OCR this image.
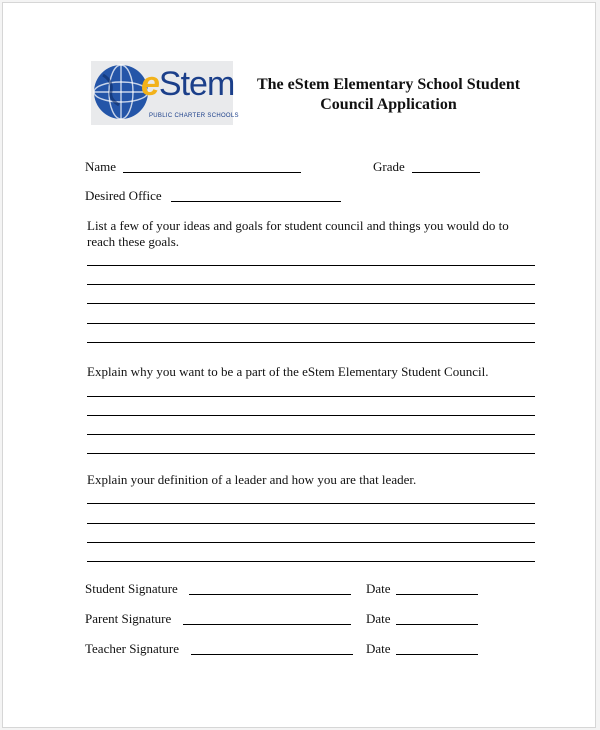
eStem
PUBLIC CHARTER SCHOOLS
The eStem Elementary School Student
Council Application
Name	Grade
Desired Office
List a few of your ideas and goals for student council and things you would do to reach these goals.
Explain why you want to be a part of the eStem Elementary Student Council.
Explain your definition of a leader and how you are that leader.
Student Signature	Date
Parent Signature	Date
Teacher Signature	Date
